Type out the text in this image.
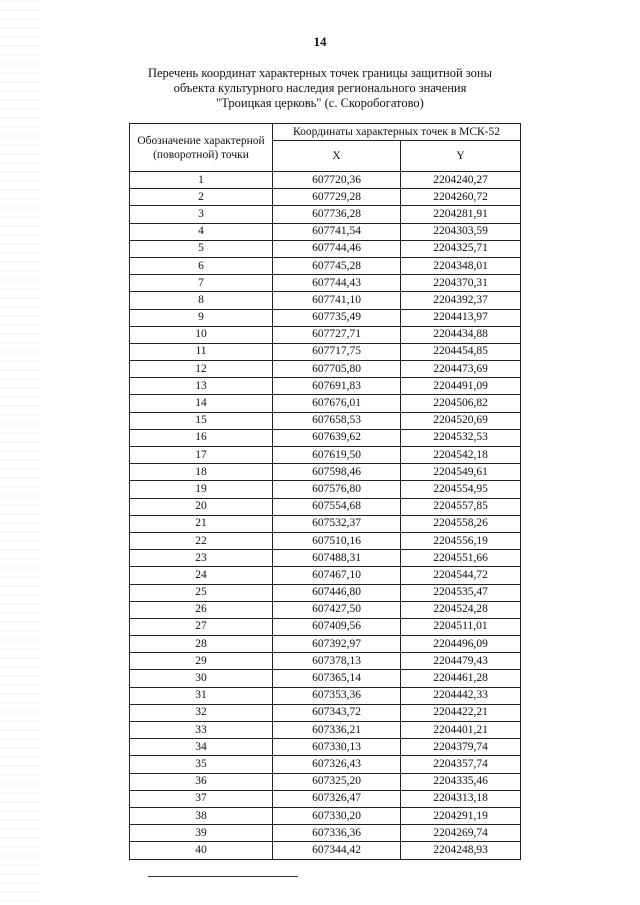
14
Перечень координат характерных точек границы защитной зоны
объекта культурного наследия регионального значения
"Троицкая церковь" (с. Скоробогатово)
Обозначение характерной (поворотной) точки	Координаты характерных точек в МСК-52	
	X	Y
1	607720,36	2204240,27
2	607729,28	2204260,72
3	607736,28	2204281,91
4	607741,54	2204303,59
5	607744,46	2204325,71
6	607745,28	2204348,01
7	607744,43	2204370,31
8	607741,10	2204392,37
9	607735,49	2204413,97
10	607727,71	2204434,88
11	607717,75	2204454,85
12	607705,80	2204473,69
13	607691,83	2204491,09
14	607676,01	2204506,82
15	607658,53	2204520,69
16	607639,62	2204532,53
17	607619,50	2204542,18
18	607598,46	2204549,61
19	607576,80	2204554,95
20	607554,68	2204557,85
21	607532,37	2204558,26
22	607510,16	2204556,19
23	607488,31	2204551,66
24	607467,10	2204544,72
25	607446,80	2204535,47
26	607427,50	2204524,28
27	607409,56	2204511,01
28	607392,97	2204496,09
29	607378,13	2204479,43
30	607365,14	2204461,28
31	607353,36	2204442,33
32	607343,72	2204422,21
33	607336,21	2204401,21
34	607330,13	2204379,74
35	607326,43	2204357,74
36	607325,20	2204335,46
37	607326,47	2204313,18
38	607330,20	2204291,19
39	607336,36	2204269,74
40	607344,42	2204248,93
